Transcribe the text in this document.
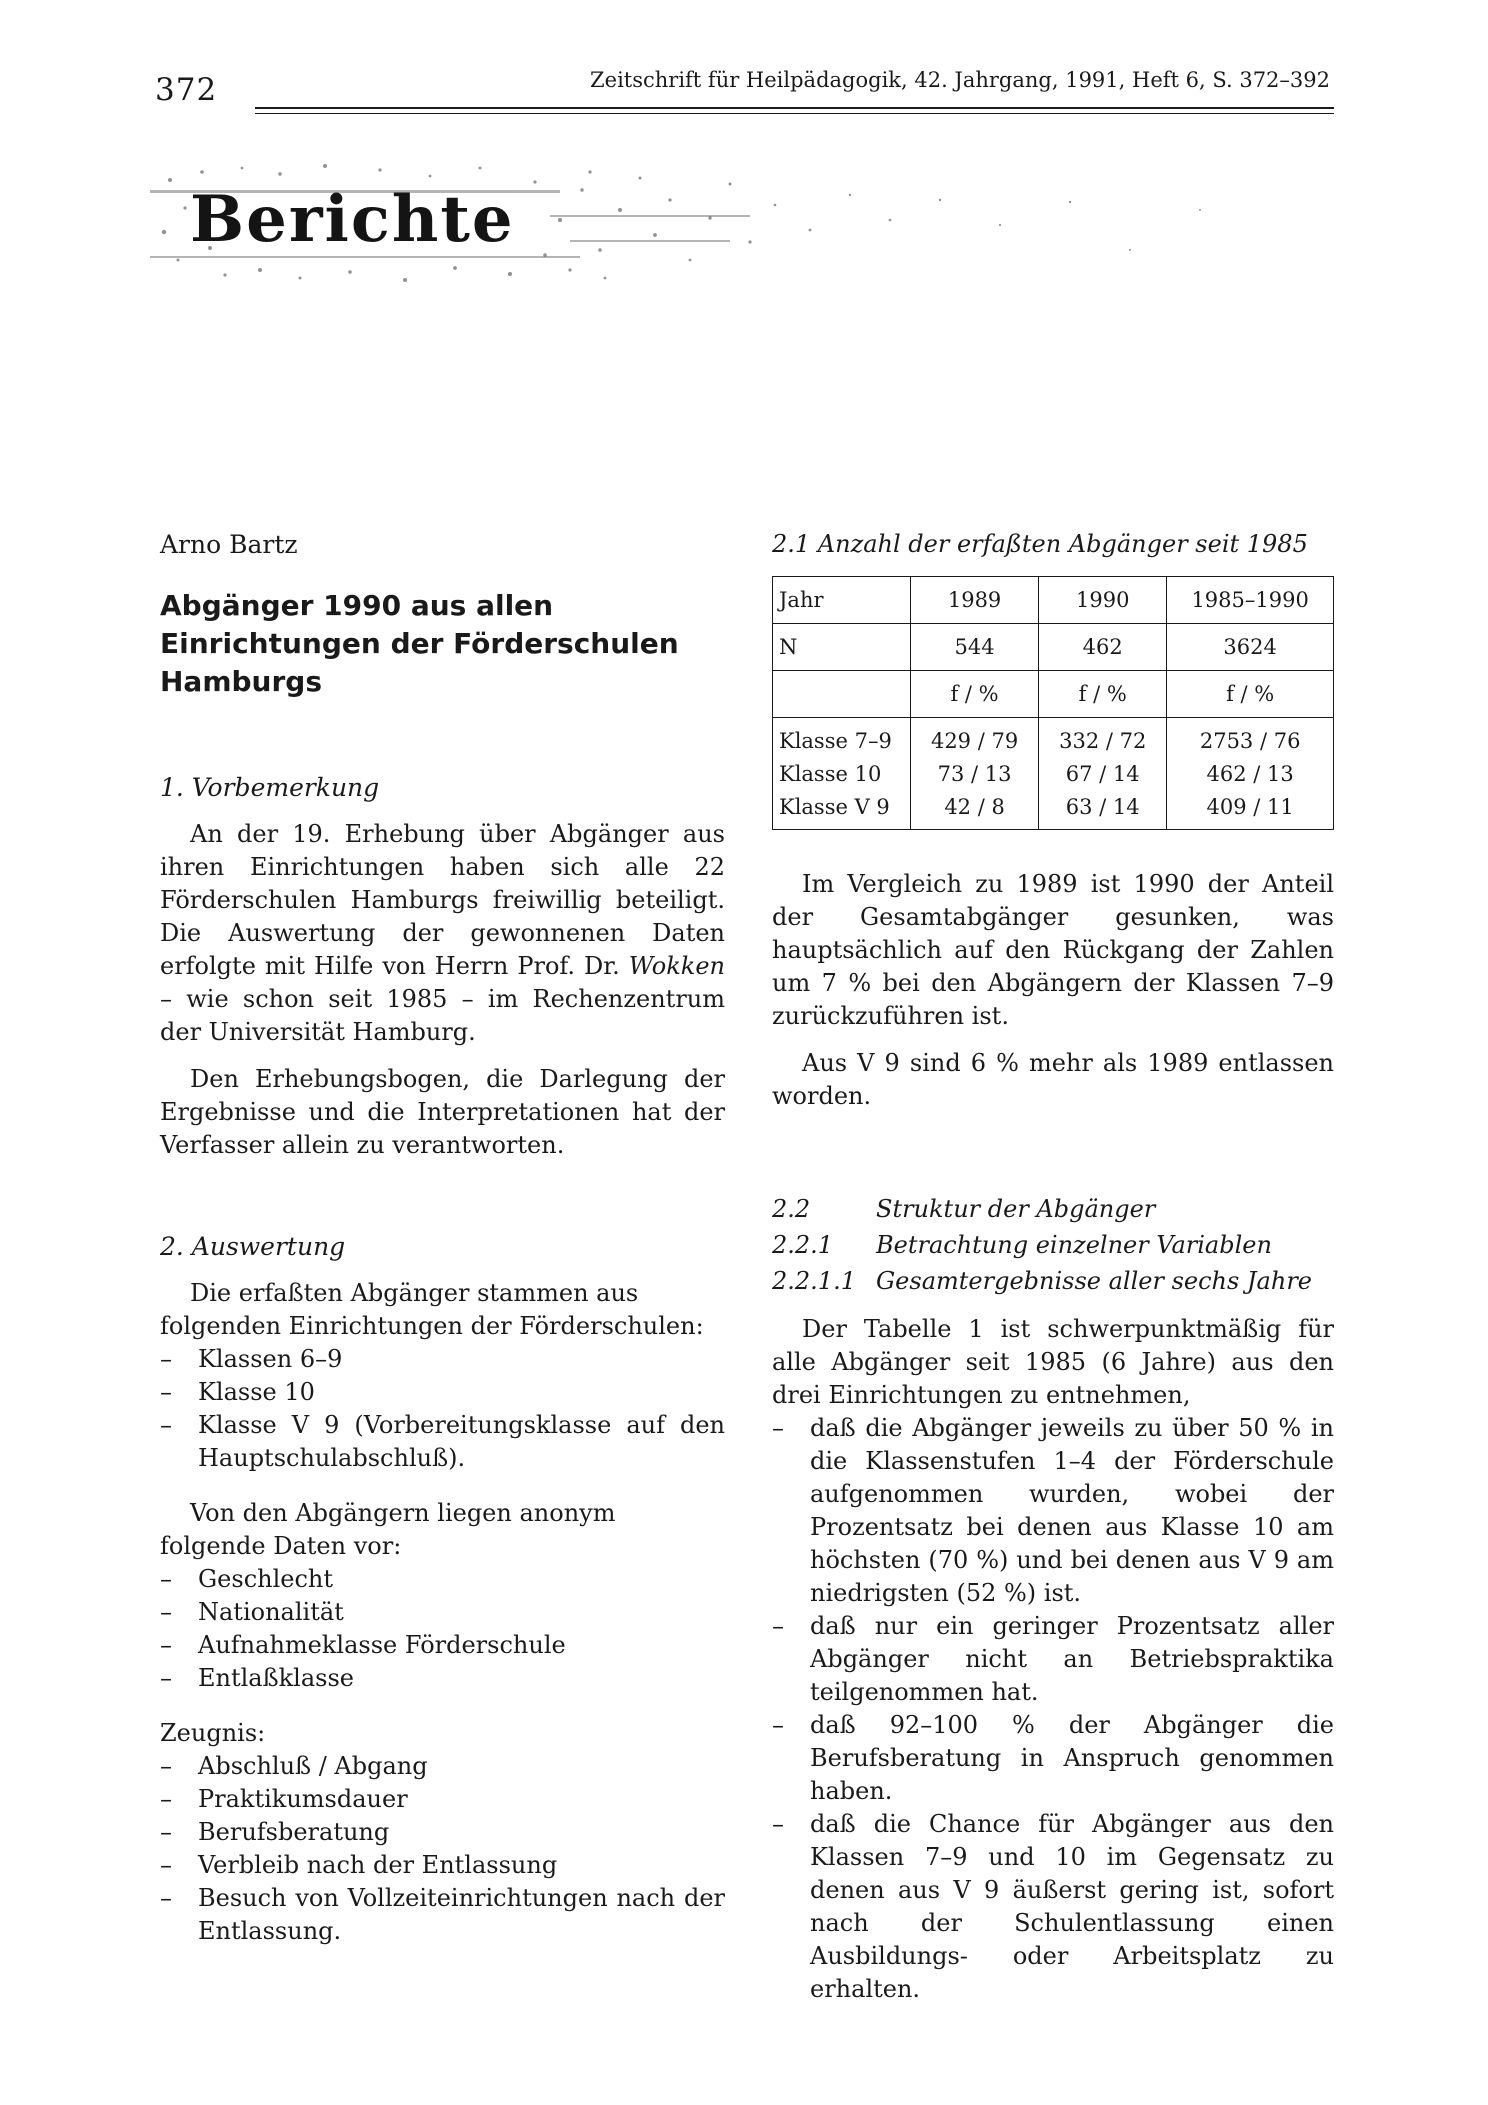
372	Zeitschrift für Heilpädagogik, 42. Jahrgang, 1991, Heft 6, S. 372–392
Berichte
Arno Bartz
Abgänger 1990 aus allen Einrichtungen der Förderschulen Hamburgs
1. Vorbemerkung

An der 19. Erhebung über Abgänger aus ihren Einrichtungen haben sich alle 22 Förderschulen Hamburgs freiwillig beteiligt. Die Auswertung der gewonnenen Daten erfolgte mit Hilfe von Herrn Prof. Dr. Wokken – wie schon seit 1985 – im Rechenzentrum der Universität Hamburg.

Den Erhebungsbogen, die Darlegung der Ergebnisse und die Interpretationen hat der Verfasser allein zu verantworten.

2. Auswertung

Die erfaßten Abgänger stammen aus folgenden Einrichtungen der Förderschulen:

– Klassen 6–9
– Klasse 10
– Klasse V 9 (Vorbereitungsklasse auf den Hauptschulabschluß).

Von den Abgängern liegen anonym folgende Daten vor:

– Geschlecht
– Nationalität
– Aufnahmeklasse Förderschule
– Entlaßklasse

Zeugnis:

– Abschluß / Abgang
– Praktikumsdauer
– Berufsberatung
– Verbleib nach der Entlassung
– Besuch von Vollzeiteinrichtungen nach der Entlassung.
2.1 Anzahl der erfaßten Abgänger seit 1985
Jahr	1989	1990	1985–1990
N	544	462	3624
	f / %	f / %	f / %
Klasse 7–9	429 / 79	332 / 72	2753 / 76
Klasse 10	73 / 13	67 / 14	462 / 13
Klasse V 9	42 / 8	63 / 14	409 / 11

Im Vergleich zu 1989 ist 1990 der Anteil der Gesamtabgänger gesunken, was hauptsächlich auf den Rückgang der Zahlen um 7 % bei den Abgängern der Klassen 7–9 zurückzuführen ist.

Aus V 9 sind 6 % mehr als 1989 entlassen worden.

2.2	Struktur der Abgänger
2.2.1	Betrachtung einzelner Variablen
2.2.1.1 Gesamtergebnisse aller sechs Jahre

Der Tabelle 1 ist schwerpunktmäßig für alle Abgänger seit 1985 (6 Jahre) aus den drei Einrichtungen zu entnehmen,

– daß die Abgänger jeweils zu über 50 % in die Klassenstufen 1–4 der Förderschule aufgenommen wurden, wobei der Prozentsatz bei denen aus Klasse 10 am höchsten (70 %) und bei denen aus V 9 am niedrigsten (52 %) ist.
– daß nur ein geringer Prozentsatz aller Abgänger nicht an Betriebspraktika teilgenommen hat.
– daß 92–100 % der Abgänger die Berufsberatung in Anspruch genommen haben.
– daß die Chance für Abgänger aus den Klassen 7–9 und 10 im Gegensatz zu denen aus V 9 äußerst gering ist, sofort nach der Schulentlassung einen Ausbildungs- oder Arbeitsplatz zu erhalten.
